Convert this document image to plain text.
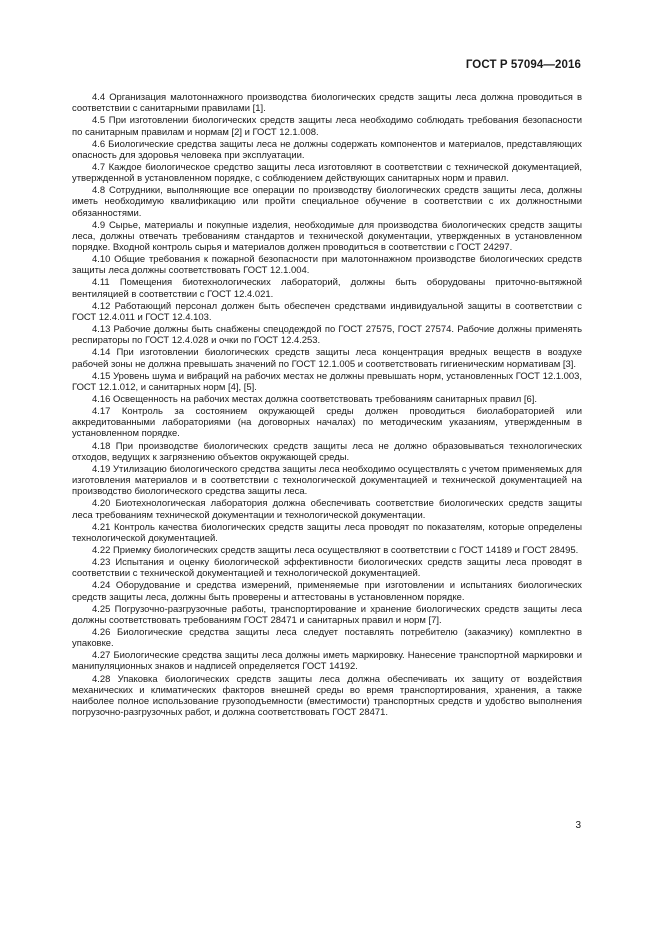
ГОСТ Р 57094—2016

4.4 Организация малотоннажного производства биологических средств защиты леса должна проводиться в соответствии с санитарными правилами [1].

4.5 При изготовлении биологических средств защиты леса необходимо соблюдать требования безопасности по санитарным правилам и нормам [2] и ГОСТ 12.1.008.

4.6 Биологические средства защиты леса не должны содержать компонентов и материалов, представляющих опасность для здоровья человека при эксплуатации.

4.7 Каждое биологическое средство защиты леса изготовляют в соответствии с технической документацией, утвержденной в установленном порядке, с соблюдением действующих санитарных норм и правил.

4.8 Сотрудники, выполняющие все операции по производству биологических средств защиты леса, должны иметь необходимую квалификацию или пройти специальное обучение в соответствии с их должностными обязанностями.

4.9 Сырье, материалы и покупные изделия, необходимые для производства биологических средств защиты леса, должны отвечать требованиям стандартов и технической документации, утвержденных в установленном порядке. Входной контроль сырья и материалов должен проводиться в соответствии с ГОСТ 24297.

4.10 Общие требования к пожарной безопасности при малотоннажном производстве биологических средств защиты леса должны соответствовать ГОСТ 12.1.004.

4.11 Помещения биотехнологических лабораторий, должны быть оборудованы приточно-вытяжной вентиляцией в соответствии с ГОСТ 12.4.021.

4.12 Работающий персонал должен быть обеспечен средствами индивидуальной защиты в соответствии с ГОСТ 12.4.011 и ГОСТ 12.4.103.

4.13 Рабочие должны быть снабжены спецодеждой по ГОСТ 27575, ГОСТ 27574. Рабочие должны применять респираторы по ГОСТ 12.4.028 и очки по ГОСТ 12.4.253.

4.14 При изготовлении биологических средств защиты леса концентрация вредных веществ в воздухе рабочей зоны не должна превышать значений по ГОСТ 12.1.005 и соответствовать гигиеническим нормативам [3].

4.15 Уровень шума и вибраций на рабочих местах не должны превышать норм, установленных ГОСТ 12.1.003, ГОСТ 12.1.012, и санитарных норм [4], [5].

4.16 Освещенность на рабочих местах должна соответствовать требованиям санитарных правил [6].

4.17 Контроль за состоянием окружающей среды должен проводиться биолабораторией или аккредитованными лабораториями (на договорных началах) по методическим указаниям, утвержденным в установленном порядке.

4.18 При производстве биологических средств защиты леса не должно образовываться технологических отходов, ведущих к загрязнению объектов окружающей среды.

4.19 Утилизацию биологического средства защиты леса необходимо осуществлять с учетом применяемых для изготовления материалов и в соответствии с технологической документацией и технической документацией на производство биологического средства защиты леса.

4.20 Биотехнологическая лаборатория должна обеспечивать соответствие биологических средств защиты леса требованиям технической документации и технологической документации.

4.21 Контроль качества биологических средств защиты леса проводят по показателям, которые определены технологической документацией.

4.22 Приемку биологических средств защиты леса осуществляют в соответствии с ГОСТ 14189 и ГОСТ 28495.

4.23 Испытания и оценку биологической эффективности биологических средств защиты леса проводят в соответствии с технической документацией и технологической документацией.

4.24 Оборудование и средства измерений, применяемые при изготовлении и испытаниях биологических средств защиты леса, должны быть проверены и аттестованы в установленном порядке.

4.25 Погрузочно-разгрузочные работы, транспортирование и хранение биологических средств защиты леса должны соответствовать требованиям ГОСТ 28471 и санитарных правил и норм [7].

4.26 Биологические средства защиты леса следует поставлять потребителю (заказчику) комплектно в упаковке.

4.27 Биологические средства защиты леса должны иметь маркировку. Нанесение транспортной маркировки и манипуляционных знаков и надписей определяется ГОСТ 14192.

4.28 Упаковка биологических средств защиты леса должна обеспечивать их защиту от воздействия механических и климатических факторов внешней среды во время транспортирования, хранения, а также наиболее полное использование грузоподъемности (вместимости) транспортных средств и удобство выполнения погрузочно-разгрузочных работ, и должна соответствовать ГОСТ 28471.

3
